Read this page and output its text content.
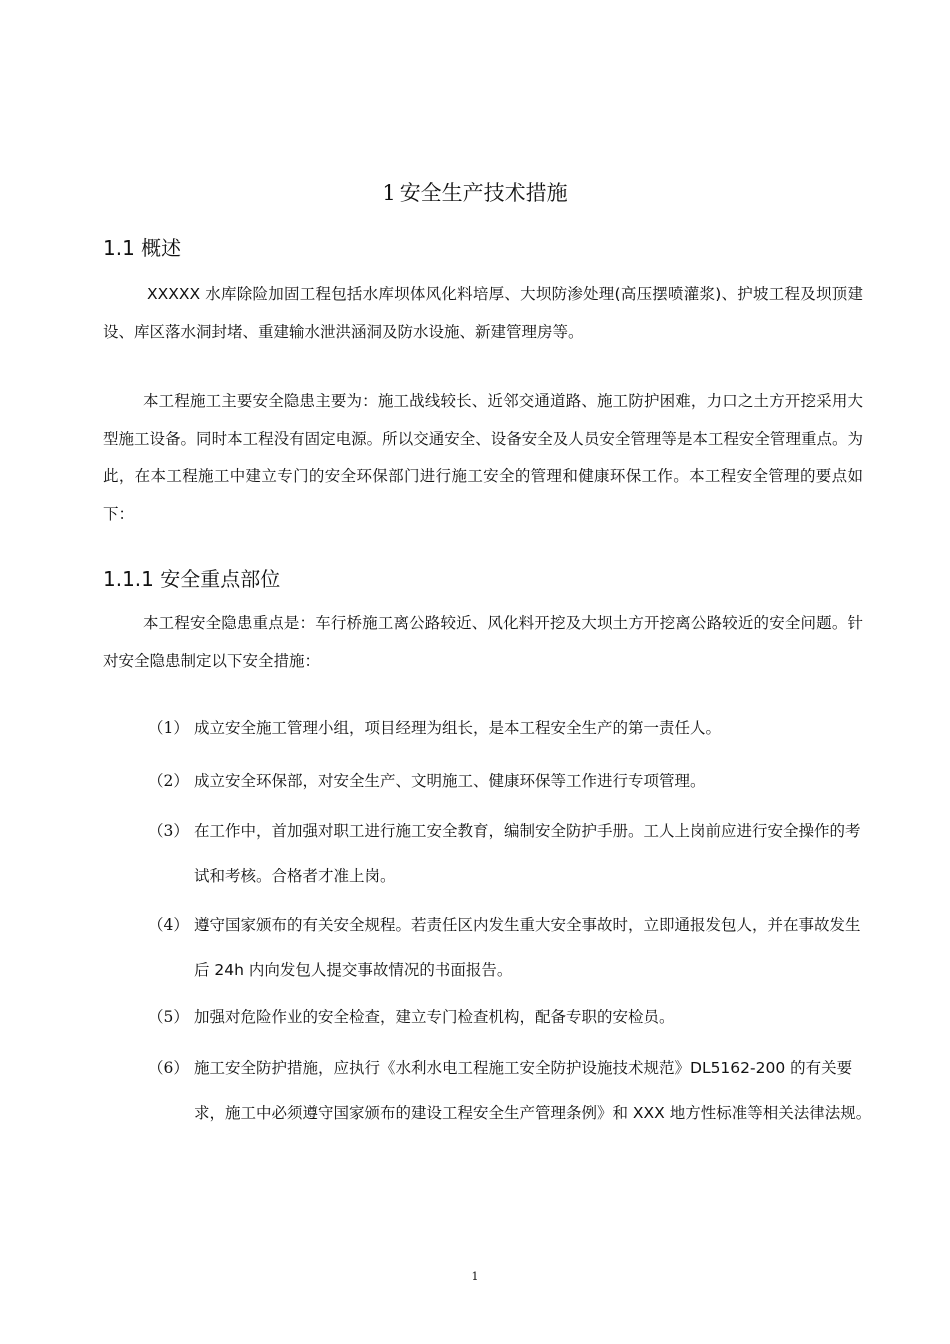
1 安全生产技术措施
1.1 概述
XXXXX 水库除险加固工程包括水库坝体风化料培厚、大坝防渗处理(高压摆喷灌浆)、护坡工程及坝顶建设、库区落水洞封堵、重建输水泄洪涵洞及防水设施、新建管理房等。
本工程施工主要安全隐患主要为：施工战线较长、近邻交通道路、施工防护困难，力口之土方开挖采用大型施工设备。同时本工程没有固定电源。所以交通安全、设备安全及人员安全管理等是本工程安全管理重点。为此，在本工程施工中建立专门的安全环保部门进行施工安全的管理和健康环保工作。本工程安全管理的要点如下：
1.1.1 安全重点部位
本工程安全隐患重点是：车行桥施工离公路较近、风化料开挖及大坝土方开挖离公路较近的安全问题。针对安全隐患制定以下安全措施：
（1） 成立安全施工管理小组，项目经理为组长，是本工程安全生产的第一责任人。
（2） 成立安全环保部，对安全生产、文明施工、健康环保等工作进行专项管理。
（3） 在工作中，首加强对职工进行施工安全教育，编制安全防护手册。工人上岗前应进行安全操作的考试和考核。合格者才准上岗。
（4） 遵守国家颁布的有关安全规程。若责任区内发生重大安全事故时，立即通报发包人，并在事故发生后 24h 内向发包人提交事故情况的书面报告。
（5） 加强对危险作业的安全检查，建立专门检查机构，配备专职的安检员。
（6） 施工安全防护措施，应执行《水利水电工程施工安全防护设施技术规范》DL5162-200 的有关要求，施工中必须遵守国家颁布的建设工程安全生产管理条例》和 XXX 地方性标准等相关法律法规。
1
